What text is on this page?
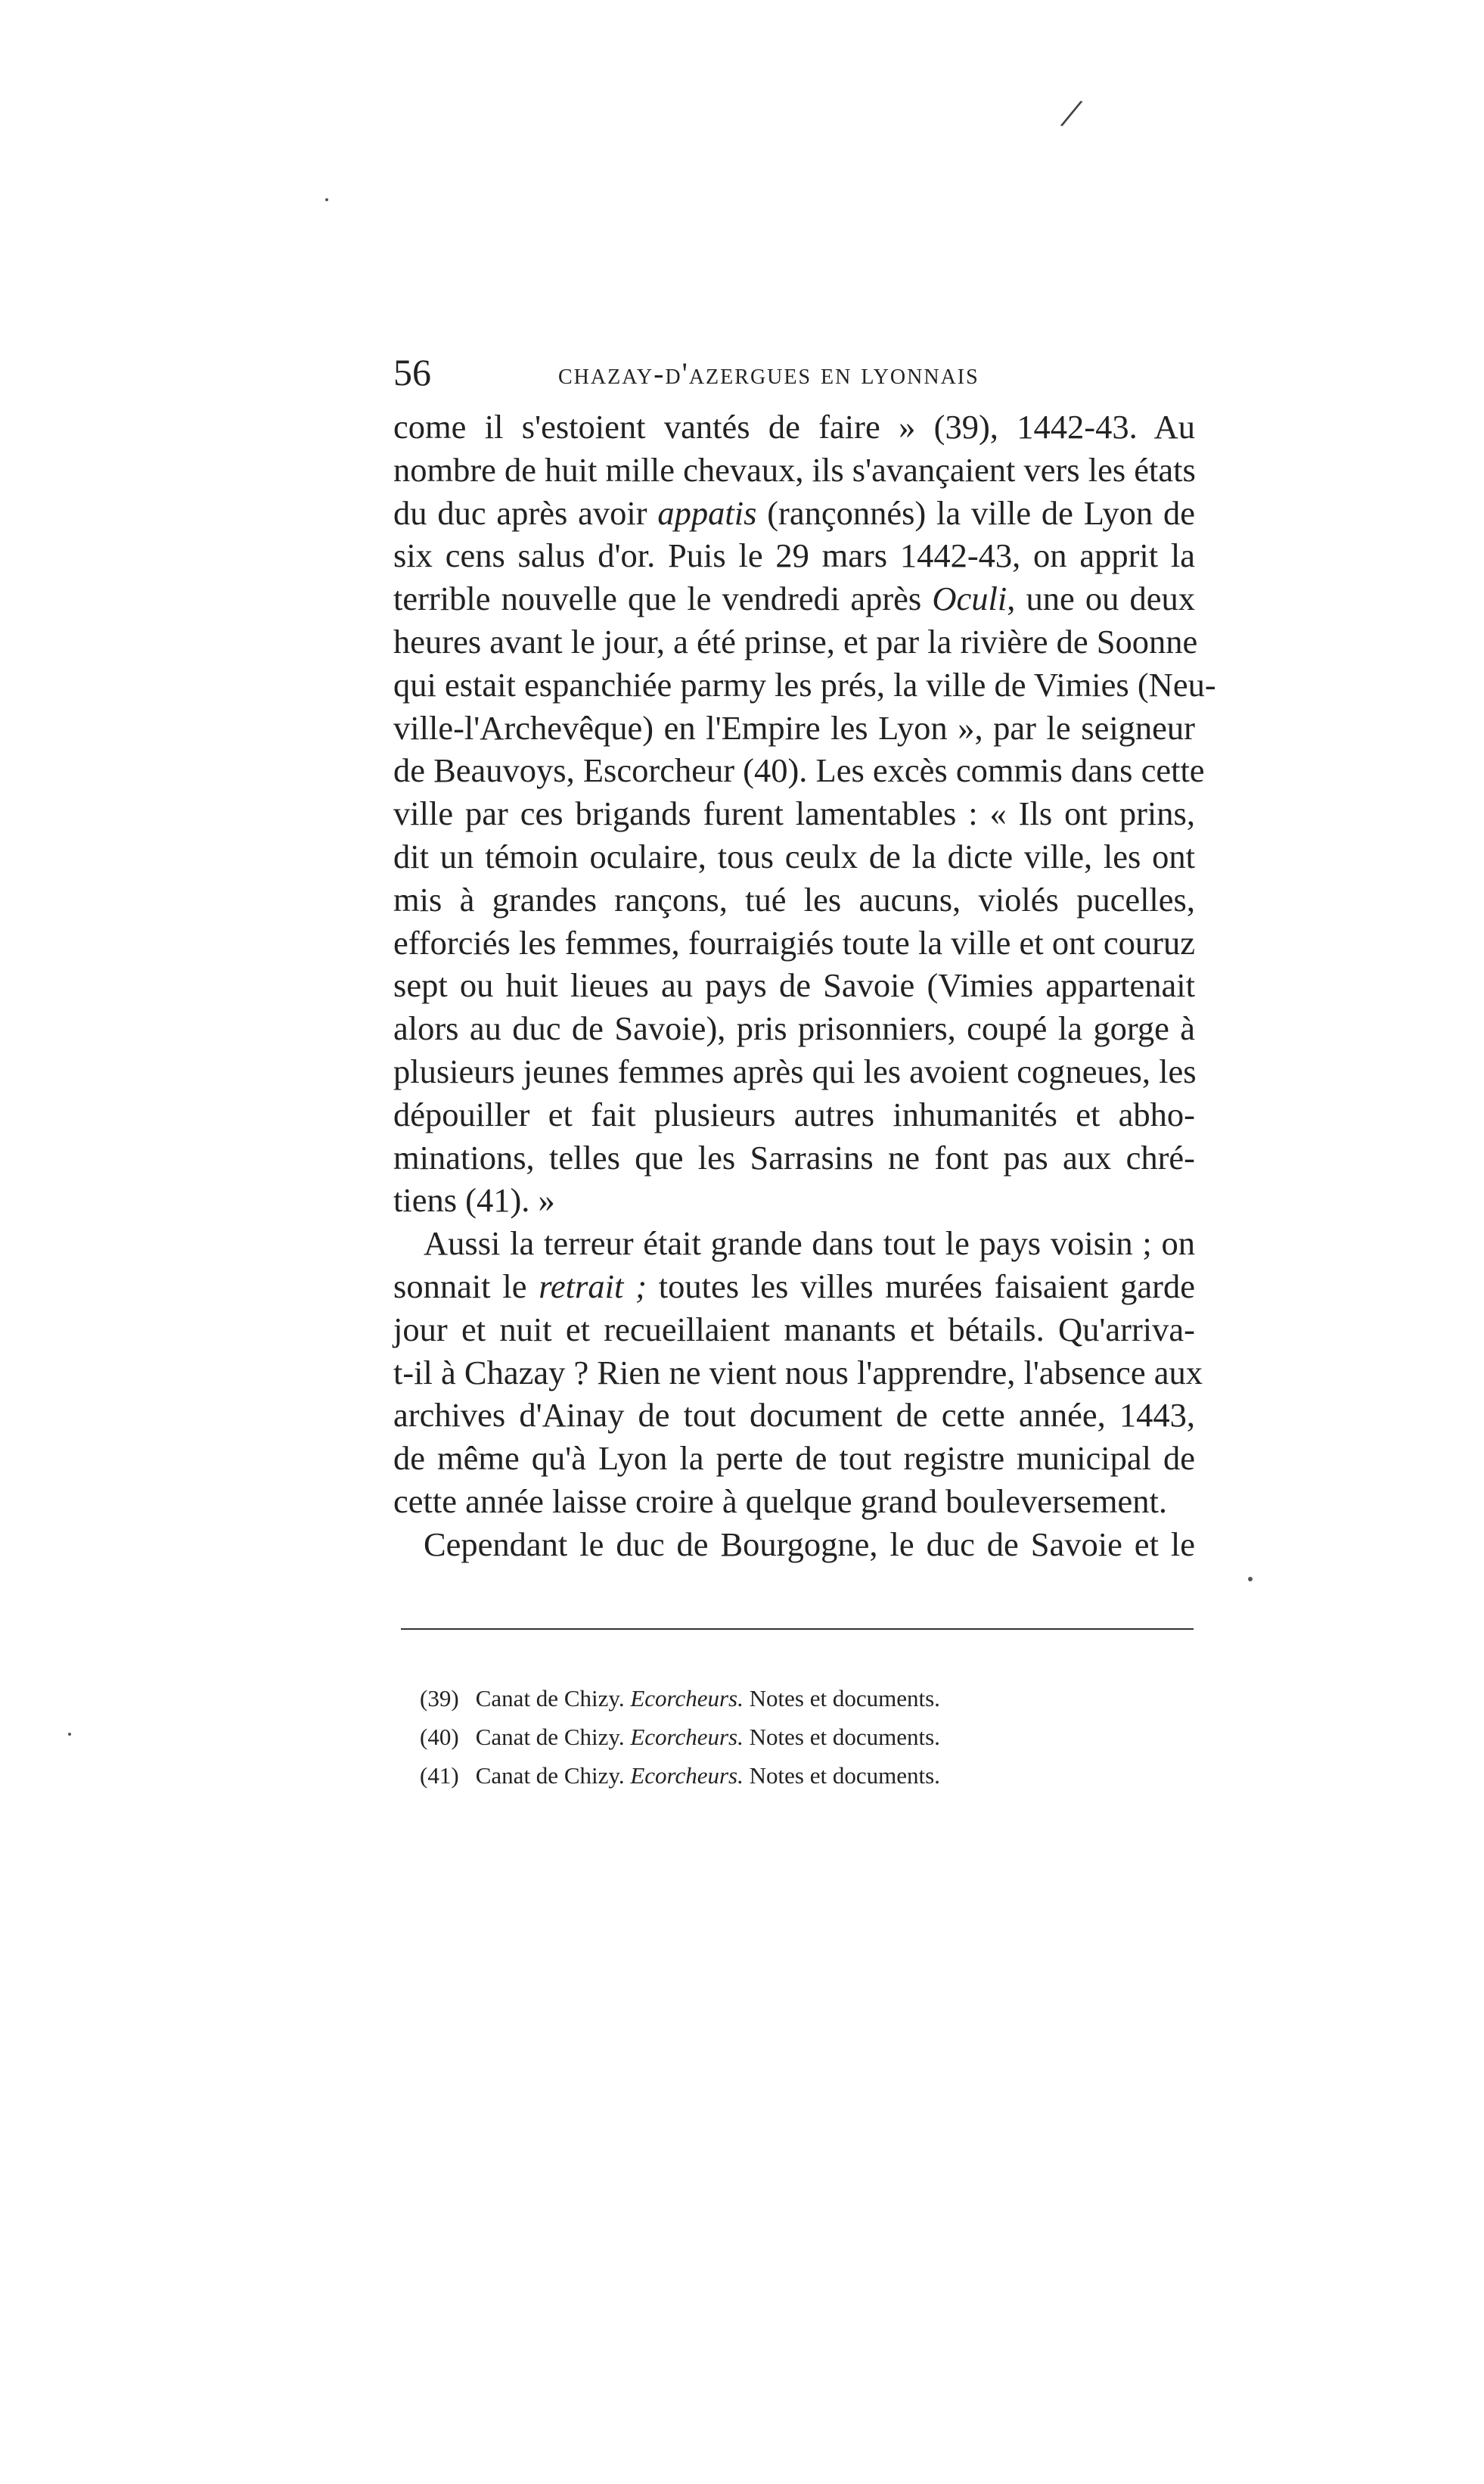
/
56	chazay-d'azergues en lyonnais

come il s'estoient vantés de faire » (39), 1442-43. Au
nombre de huit mille chevaux, ils s'avançaient vers les états
du duc après avoir appatis (rançonnés) la ville de Lyon de
six cens salus d'or. Puis le 29 mars 1442-43, on apprit la
terrible nouvelle que le vendredi après Oculi, une ou deux
heures avant le jour, a été prinse, et par la rivière de Soonne
qui estait espanchiée parmy les prés, la ville de Vimies (Neu-
ville-l'Archevêque) en l'Empire les Lyon », par le seigneur
de Beauvoys, Escorcheur (40). Les excès commis dans cette
ville par ces brigands furent lamentables : « Ils ont prins,
dit un témoin oculaire, tous ceulx de la dicte ville, les ont
mis à grandes rançons, tué les aucuns, violés pucelles,
efforciés les femmes, fourraigiés toute la ville et ont couruz
sept ou huit lieues au pays de Savoie (Vimies appartenait
alors au duc de Savoie), pris prisonniers, coupé la gorge à
plusieurs jeunes femmes après qui les avoient cogneues, les
dépouiller et fait plusieurs autres inhumanités et abho-
minations, telles que les Sarrasins ne font pas aux chré-
tiens (41). »

Aussi la terreur était grande dans tout le pays voisin ; on
sonnait le retrait ; toutes les villes murées faisaient garde
jour et nuit et recueillaient manants et bétails. Qu'arriva-
t-il à Chazay ? Rien ne vient nous l'apprendre, l'absence aux
archives d'Ainay de tout document de cette année, 1443,
de même qu'à Lyon la perte de tout registre municipal de
cette année laisse croire à quelque grand bouleversement.

Cependant le duc de Bourgogne, le duc de Savoie et le

(39) Canat de Chizy. Ecorcheurs. Notes et documents.
(40) Canat de Chizy. Ecorcheurs. Notes et documents.
(41) Canat de Chizy. Ecorcheurs. Notes et documents.
